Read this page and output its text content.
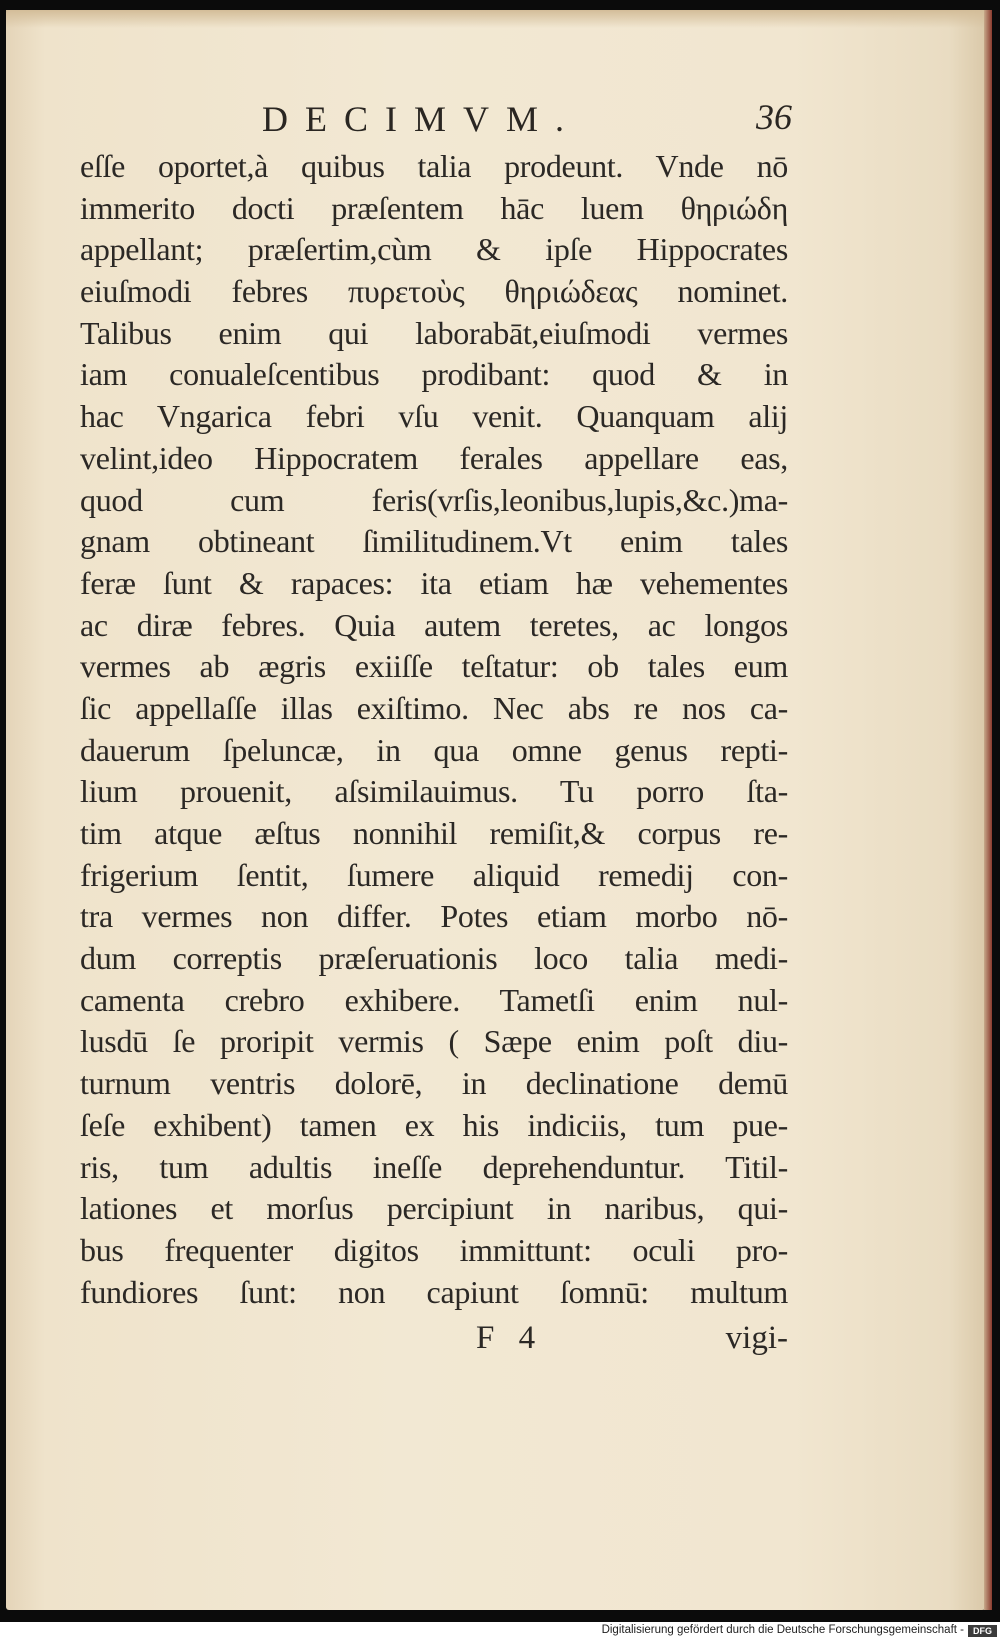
DECIMVM.	36
eſſe oportet,à quibus talia prodeunt. Vnde nō
immerito docti præſentem hāc luem θηριώδη
appellant; præſertim,cùm & ipſe Hippocrates
eiuſmodi febres πυρετοὺς θηριώδεας nominet.
Talibus enim qui laborabāt,eiuſmodi vermes
iam conualeſcentibus prodibant: quod & in
hac Vngarica febri vſu venit. Quanquam alij
velint,ideo Hippocratem ferales appellare eas,
quod cum feris(vrſis,leonibus,lupis,&c.)ma-
gnam obtineant ſimilitudinem.Vt enim tales
feræ ſunt & rapaces: ita etiam hæ vehementes
ac diræ febres. Quia autem teretes, ac longos
vermes ab ægris exiiſſe teſtatur: ob tales eum
ſic appellaſſe illas exiſtimo. Nec abs re nos ca-
dauerum ſpeluncæ, in qua omne genus repti-
lium prouenit, aſsimilauimus. Tu porro ſta-
tim atque æſtus nonnihil remiſit,& corpus re-
frigerium ſentit, ſumere aliquid remedij con-
tra vermes non differ. Potes etiam morbo nō-
dum correptis præſeruationis loco talia medi-
camenta crebro exhibere. Tametſi enim nul-
lusdū ſe proripit vermis ( Sæpe enim poſt diu-
turnum ventris dolorē, in declinatione demū
ſeſe exhibent) tamen ex his indiciis, tum pue-
ris, tum adultis ineſſe deprehenduntur. Titil-
lationes et morſus percipiunt in naribus, qui-
bus frequenter digitos immittunt: oculi pro-
fundiores ſunt: non capiunt ſomnū: multum
F 4	vigi-
Digitalisierung gefördert durch die Deutsche Forschungsgemeinschaft -	DFG
